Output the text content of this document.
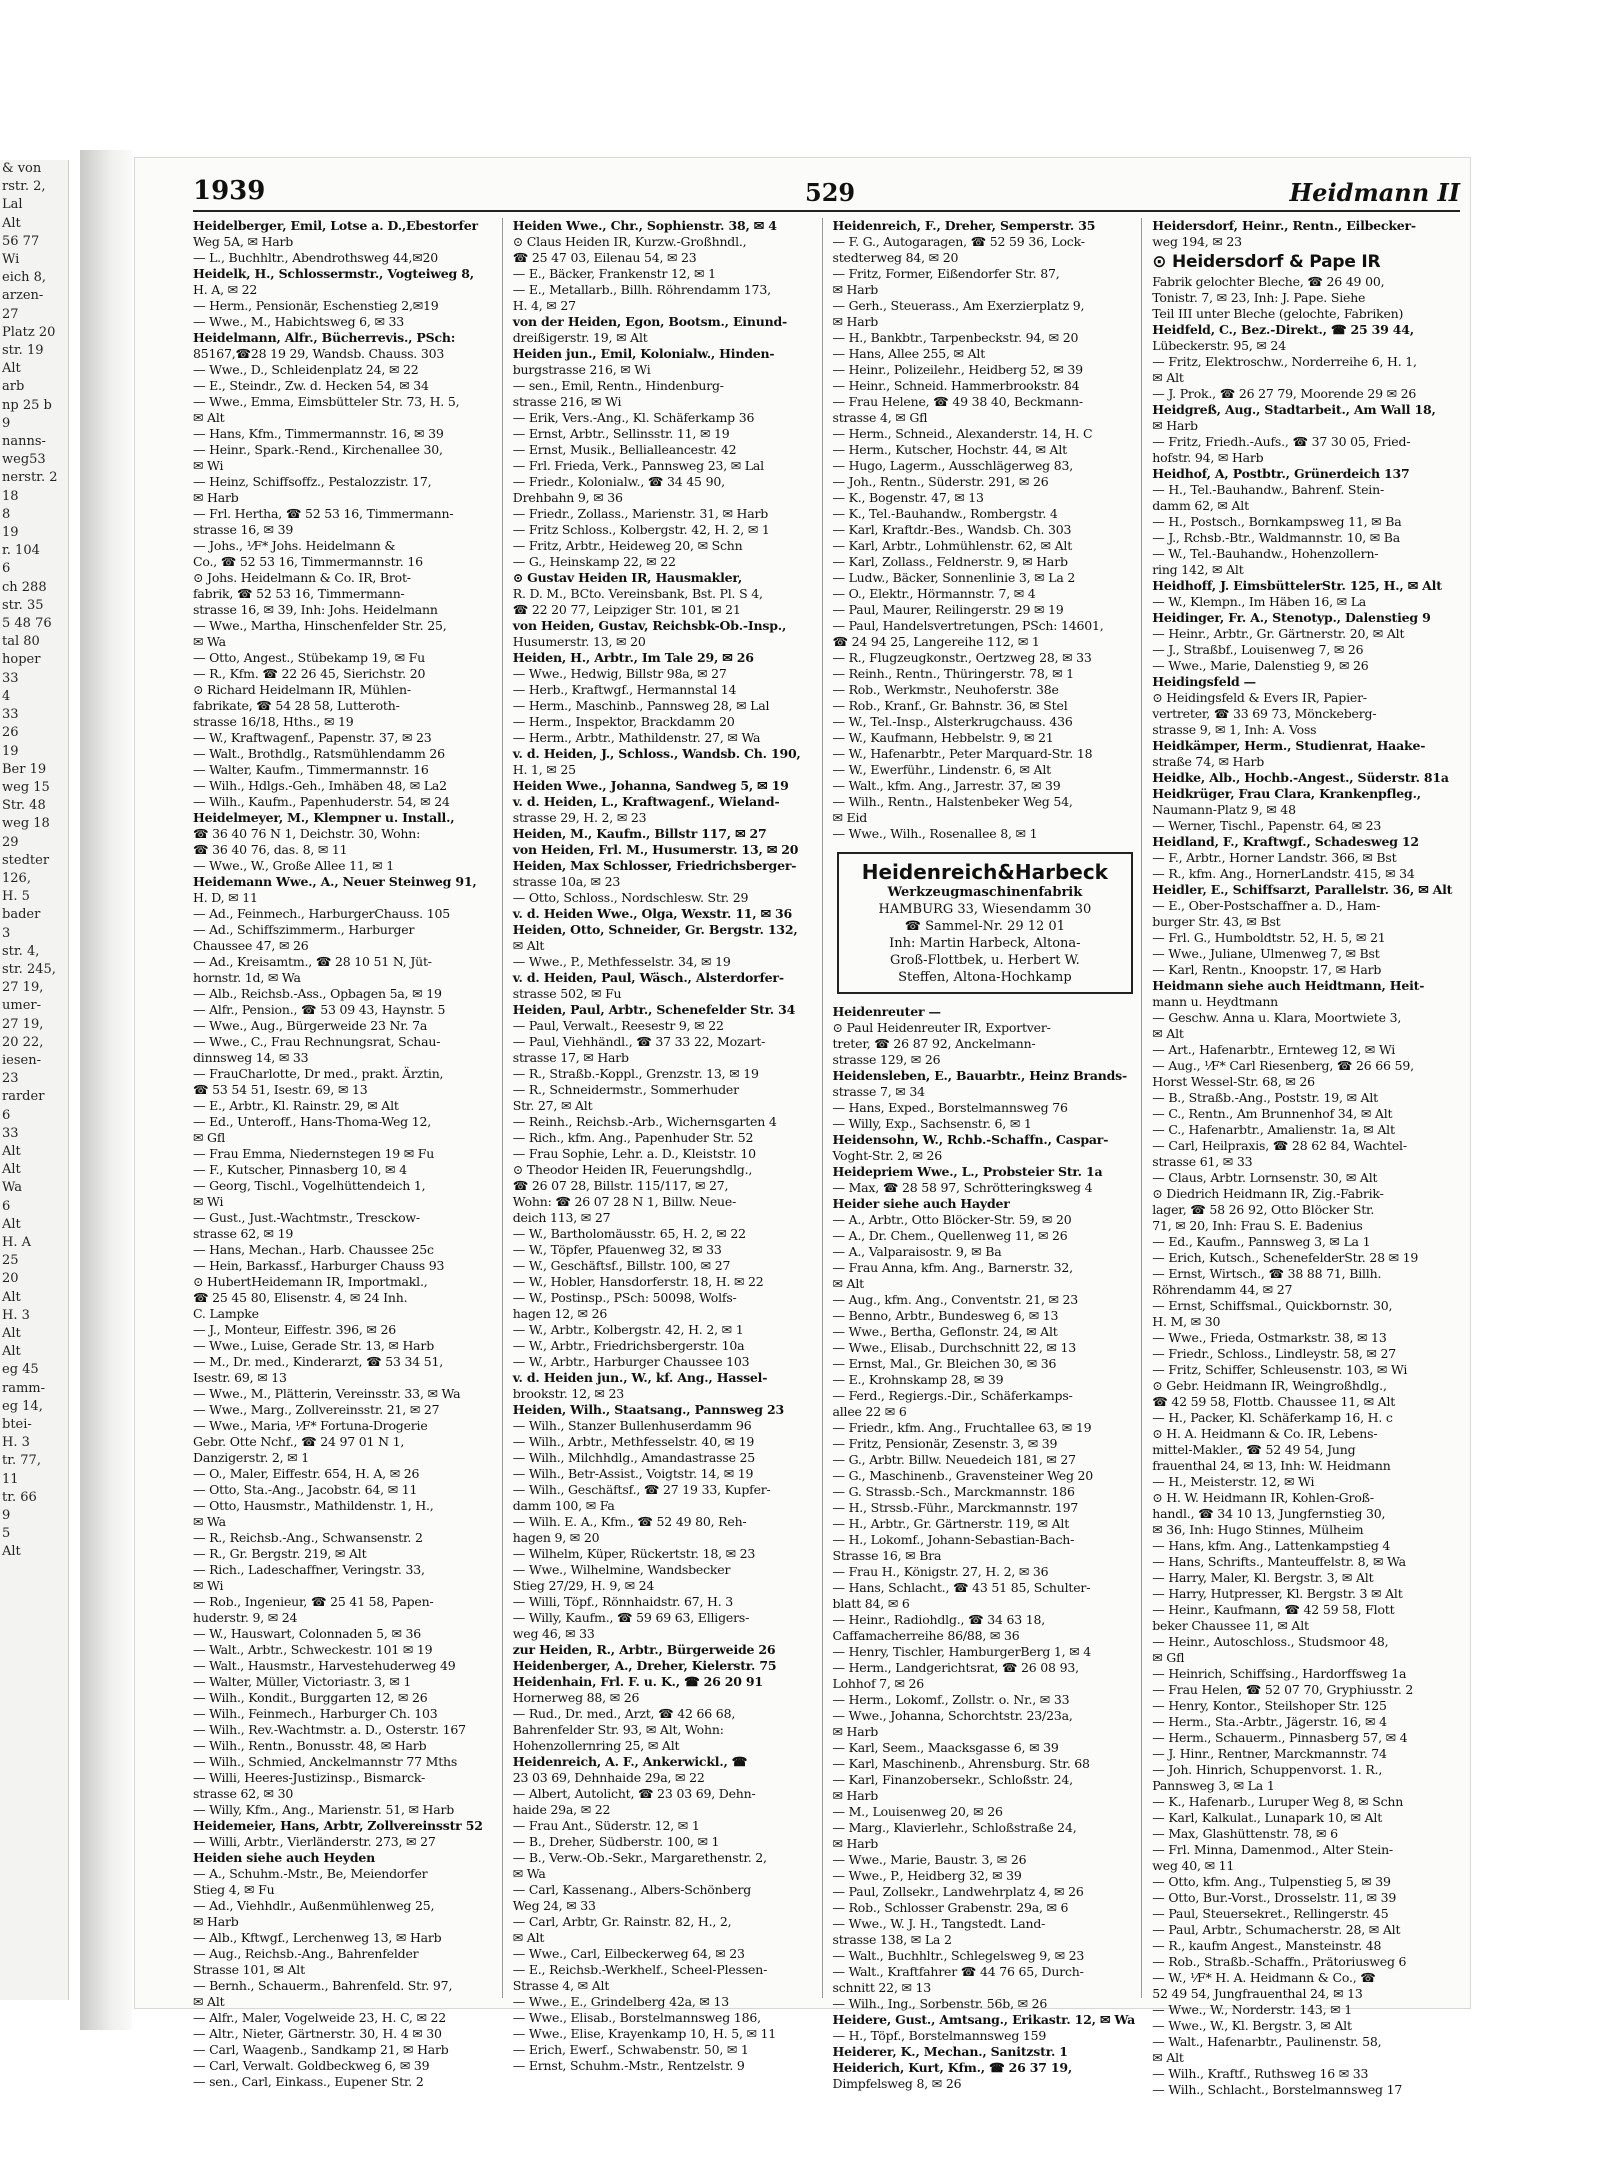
& von
rstr. 2,
Lal
Alt
56 77
Wi
eich 8,
arzen-
27
Platz 20
str. 19
Alt
arb
np 25 b
9
nanns-
weg53
nerstr. 2
18
8
19
r. 104
6
ch 288
str. 35
5 48 76
tal 80
hoper
33
4
33
26
19
Ber 19
weg 15
Str. 48
weg 18
29
stedter
126,
H. 5
bader
3
str. 4,
str. 245,
27 19,
umer-
27 19,
20 22,
iesen-
23
rarder
6
33
Alt
Alt
Wa
6
Alt
H. A
25
20
Alt
H. 3
Alt
Alt
eg 45
ramm-
eg 14,
btei-
H. 3
tr. 77,
11
tr. 66
9
5
Alt
1939	529	Heidmann II
Heidelberger, Emil, Lotse a. D.,Ebestorfer
Weg 5A, ✉ Harb
— L., Buchhltr., Abendrothsweg 44,✉20
Heidelk, H., Schlossermstr., Vogteiweg 8,
H. A, ✉ 22
— Herm., Pensionär, Eschenstieg 2,✉19
— Wwe., M., Habichtsweg 6, ✉ 33
Heidelmann, Alfr., Bücherrevis., PSch:
85167,☎28 19 29, Wandsb. Chauss. 303
— Wwe., D., Schleidenplatz 24, ✉ 22
— E., Steindr., Zw. d. Hecken 54, ✉ 34
— Wwe., Emma, Eimsbütteler Str. 73, H. 5,
✉ Alt
— Hans, Kfm., Timmermannstr. 16, ✉ 39
— Heinr., Spark.-Rend., Kirchenallee 30,
✉ Wi
— Heinz, Schiffsoffz., Pestalozzistr. 17,
✉ Harb
— Frl. Hertha, ☎ 52 53 16, Timmermann-
strasse 16, ✉ 39
— Johs., ⅟F* Johs. Heidelmann &
Co., ☎ 52 53 16, Timmermannstr. 16
⊙ Johs. Heidelmann & Co. IR, Brot-
fabrik, ☎ 52 53 16, Timmermann-
strasse 16, ✉ 39, Inh: Johs. Heidelmann
— Wwe., Martha, Hinschenfelder Str. 25,
✉ Wa
— Otto, Angest., Stübekamp 19, ✉ Fu
— R., Kfm. ☎ 22 26 45, Sierichstr. 20
⊙ Richard Heidelmann IR, Mühlen-
fabrikate, ☎ 54 28 58, Lutteroth-
strasse 16/18, Hths., ✉ 19
— W., Kraftwagenf., Papenstr. 37, ✉ 23
— Walt., Brothdlg., Ratsmühlendamm 26
— Walter, Kaufm., Timmermannstr. 16
— Wilh., Hdlgs.-Geh., Imhäben 48, ✉ La2
— Wilh., Kaufm., Papenhuderstr. 54, ✉ 24
Heidelmeyer, M., Klempner u. Install.,
☎ 36 40 76 N 1, Deichstr. 30, Wohn:
☎ 36 40 76, das. 8, ✉ 11
— Wwe., W., Große Allee 11, ✉ 1
Heidemann Wwe., A., Neuer Steinweg 91,
H. D, ✉ 11
— Ad., Feinmech., HarburgerChauss. 105
— Ad., Schiffszimmerm., Harburger
Chaussee 47, ✉ 26
— Ad., Kreisamtm., ☎ 28 10 51 N, Jüt-
hornstr. 1d, ✉ Wa
— Alb., Reichsb.-Ass., Opbagen 5a, ✉ 19
— Alfr., Pension., ☎ 53 09 43, Haynstr. 5
— Wwe., Aug., Bürgerweide 23 Nr. 7a
— Wwe., C., Frau Rechnungsrat, Schau-
dinnsweg 14, ✉ 33
— FrauCharlotte, Dr med., prakt. Ärztin,
☎ 53 54 51, Isestr. 69, ✉ 13
— E., Arbtr., Kl. Rainstr. 29, ✉ Alt
— Ed., Unteroff., Hans-Thoma-Weg 12,
✉ Gfl
— Frau Emma, Niedernstegen 19 ✉ Fu
— F., Kutscher, Pinnasberg 10, ✉ 4
— Georg, Tischl., Vogelhüttendeich 1,
✉ Wi
— Gust., Just.-Wachtmstr., Tresckow-
strasse 62, ✉ 19
— Hans, Mechan., Harb. Chaussee 25c
— Hein, Barkassf., Harburger Chauss 93
⊙ HubertHeidemann IR, Importmakl.,
☎ 25 45 80, Elisenstr. 4, ✉ 24 Inh.
C. Lampke
— J., Monteur, Eiffestr. 396, ✉ 26
— Wwe., Luise, Gerade Str. 13, ✉ Harb
— M., Dr. med., Kinderarzt, ☎ 53 34 51,
Isestr. 69, ✉ 13
— Wwe., M., Plätterin, Vereinsstr. 33, ✉ Wa
— Wwe., Marg., Zollvereinsstr. 21, ✉ 27
— Wwe., Maria, ⅟F* Fortuna-Drogerie
Gebr. Otte Nchf., ☎ 24 97 01 N 1,
Danzigerstr. 2, ✉ 1
— O., Maler, Eiffestr. 654, H. A, ✉ 26
— Otto, Sta.-Ang., Jacobstr. 64, ✉ 11
— Otto, Hausmstr., Mathildenstr. 1, H.,
✉ Wa
— R., Reichsb.-Ang., Schwansenstr. 2
— R., Gr. Bergstr. 219, ✉ Alt
— Rich., Ladeschaffner, Veringstr. 33,
✉ Wi
— Rob., Ingenieur, ☎ 25 41 58, Papen-
huderstr. 9, ✉ 24
— W., Hauswart, Colonnaden 5, ✉ 36
— Walt., Arbtr., Schweckestr. 101 ✉ 19
— Walt., Hausmstr., Harvestehuderweg 49
— Walter, Müller, Victoriastr. 3, ✉ 1
— Wilh., Kondit., Burggarten 12, ✉ 26
— Wilh., Feinmech., Harburger Ch. 103
— Wilh., Rev.-Wachtmstr. a. D., Osterstr. 167
— Wilh., Rentn., Bonusstr. 48, ✉ Harb
— Wilh., Schmied, Anckelmannstr 77 Mths
— Willi, Heeres-Justizinsp., Bismarck-
strasse 62, ✉ 30
— Willy, Kfm., Ang., Marienstr. 51, ✉ Harb
Heidemeier, Hans, Arbtr, Zollvereinsstr 52
— Willi, Arbtr., Vierländerstr. 273, ✉ 27
Heiden siehe auch Heyden
— A., Schuhm.-Mstr., Be, Meiendorfer
Stieg 4, ✉ Fu
— Ad., Viehhdlr., Außenmühlenweg 25,
✉ Harb
— Alb., Kftwgf., Lerchenweg 13, ✉ Harb
— Aug., Reichsb.-Ang., Bahrenfelder
Strasse 101, ✉ Alt
— Bernh., Schauerm., Bahrenfeld. Str. 97,
✉ Alt
— Alfr., Maler, Vogelweide 23, H. C, ✉ 22
— Altr., Nieter, Gärtnerstr. 30, H. 4 ✉ 30
— Carl, Waagenb., Sandkamp 21, ✉ Harb
— Carl, Verwalt. Goldbeckweg 6, ✉ 39
— sen., Carl, Einkass., Eupener Str. 2
Heiden Wwe., Chr., Sophienstr. 38, ✉ 4
⊙ Claus Heiden IR, Kurzw.-Großhndl.,
☎ 25 47 03, Eilenau 54, ✉ 23
— E., Bäcker, Frankenstr 12, ✉ 1
— E., Metallarb., Billh. Röhrendamm 173,
H. 4, ✉ 27
von der Heiden, Egon, Bootsm., Einund-
dreißigerstr. 19, ✉ Alt
Heiden jun., Emil, Kolonialw., Hinden-
burgstrasse 216, ✉ Wi
— sen., Emil, Rentn., Hindenburg-
strasse 216, ✉ Wi
— Erik, Vers.-Ang., Kl. Schäferkamp 36
— Ernst, Arbtr., Sellinsstr. 11, ✉ 19
— Ernst, Musik., Bellialleancestr. 42
— Frl. Frieda, Verk., Pannsweg 23, ✉ Lal
— Friedr., Kolonialw., ☎ 34 45 90,
Drehbahn 9, ✉ 36
— Friedr., Zollass., Marienstr. 31, ✉ Harb
— Fritz Schloss., Kolbergstr. 42, H. 2, ✉ 1
— Fritz, Arbtr., Heideweg 20, ✉ Schn
— G., Heinskamp 22, ✉ 22
⊙ Gustav Heiden IR, Hausmakler,
R. D. M., BCto. Vereinsbank, Bst. Pl. S 4,
☎ 22 20 77, Leipziger Str. 101, ✉ 21
von Heiden, Gustav, Reichsbk-Ob.-Insp.,
Husumerstr. 13, ✉ 20
Heiden, H., Arbtr., Im Tale 29, ✉ 26
— Wwe., Hedwig, Billstr 98a, ✉ 27
— Herb., Kraftwgf., Hermannstal 14
— Herm., Maschinb., Pannsweg 28, ✉ Lal
— Herm., Inspektor, Brackdamm 20
— Herm., Arbtr., Mathildenstr. 27, ✉ Wa
v. d. Heiden, J., Schloss., Wandsb. Ch. 190,
H. 1, ✉ 25
Heiden Wwe., Johanna, Sandweg 5, ✉ 19
v. d. Heiden, L., Kraftwagenf., Wieland-
strasse 29, H. 2, ✉ 23
Heiden, M., Kaufm., Billstr 117, ✉ 27
von Heiden, Frl. M., Husumerstr. 13, ✉ 20
Heiden, Max Schlosser, Friedrichsberger-
strasse 10a, ✉ 23
— Otto, Schloss., Nordschlesw. Str. 29
v. d. Heiden Wwe., Olga, Wexstr. 11, ✉ 36
Heiden, Otto, Schneider, Gr. Bergstr. 132,
✉ Alt
— Wwe., P., Methfesselstr. 34, ✉ 19
v. d. Heiden, Paul, Wäsch., Alsterdorfer-
strasse 502, ✉ Fu
Heiden, Paul, Arbtr., Schenefelder Str. 34
— Paul, Verwalt., Reesestr 9, ✉ 22
— Paul, Viehhändl., ☎ 37 33 22, Mozart-
strasse 17, ✉ Harb
— R., Straßb.-Koppl., Grenzstr. 13, ✉ 19
— R., Schneidermstr., Sommerhuder
Str. 27, ✉ Alt
— Reinh., Reichsb.-Arb., Wichernsgarten 4
— Rich., kfm. Ang., Papenhuder Str. 52
— Frau Sophie, Lehr. a. D., Kleiststr. 10
⊙ Theodor Heiden IR, Feuerungshdlg.,
☎ 26 07 28, Billstr. 115/117, ✉ 27,
Wohn: ☎ 26 07 28 N 1, Billw. Neue-
deich 113, ✉ 27
— W., Bartholomäusstr. 65, H. 2, ✉ 22
— W., Töpfer, Pfauenweg 32, ✉ 33
— W., Geschäftsf., Billstr. 100, ✉ 27
— W., Hobler, Hansdorferstr. 18, H. ✉ 22
— W., Postinsp., PSch: 50098, Wolfs-
hagen 12, ✉ 26
— W., Arbtr., Kolbergstr. 42, H. 2, ✉ 1
— W., Arbtr., Friedrichsbergerstr. 10a
— W., Arbtr., Harburger Chaussee 103
v. d. Heiden jun., W., kf. Ang., Hassel-
brookstr. 12, ✉ 23
Heiden, Wilh., Staatsang., Pannsweg 23
— Wilh., Stanzer Bullenhuserdamm 96
— Wilh., Arbtr., Methfesselstr. 40, ✉ 19
— Wilh., Milchhdlg., Amandastrasse 25
— Wilh., Betr-Assist., Voigtstr. 14, ✉ 19
— Wilh., Geschäftsf., ☎ 27 19 33, Kupfer-
damm 100, ✉ Fa
— Wilh. E. A., Kfm., ☎ 52 49 80, Reh-
hagen 9, ✉ 20
— Wilhelm, Küper, Rückertstr. 18, ✉ 23
— Wwe., Wilhelmine, Wandsbecker
Stieg 27/29, H. 9, ✉ 24
— Willi, Töpf., Rönnhaidstr. 67, H. 3
— Willy, Kaufm., ☎ 59 69 63, Elligers-
weg 46, ✉ 33
zur Heiden, R., Arbtr., Bürgerweide 26
Heidenberger, A., Dreher, Kielerstr. 75
Heidenhain, Frl. F. u. K., ☎ 26 20 91
Hornerweg 88, ✉ 26
— Rud., Dr. med., Arzt, ☎ 42 66 68,
Bahrenfelder Str. 93, ✉ Alt, Wohn:
Hohenzollernring 25, ✉ Alt
Heidenreich, A. F., Ankerwickl., ☎
23 03 69, Dehnhaide 29a, ✉ 22
— Albert, Autolicht, ☎ 23 03 69, Dehn-
haide 29a, ✉ 22
— Frau Ant., Süderstr. 12, ✉ 1
— B., Dreher, Südberstr. 100, ✉ 1
— B., Verw.-Ob.-Sekr., Margarethenstr. 2,
✉ Wa
— Carl, Kassenang., Albers-Schönberg
Weg 24, ✉ 33
— Carl, Arbtr, Gr. Rainstr. 82, H., 2,
✉ Alt
— Wwe., Carl, Eilbeckerweg 64, ✉ 23
— E., Reichsb.-Werkhelf., Scheel-Plessen-
Strasse 4, ✉ Alt
— Wwe., E., Grindelberg 42a, ✉ 13
— Wwe., Elisab., Borstelmannsweg 186,
— Wwe., Elise, Krayenkamp 10, H. 5, ✉ 11
— Erich, Ewerf., Schwabenstr. 50, ✉ 1
— Ernst, Schuhm.-Mstr., Rentzelstr. 9
Heidenreich, F., Dreher, Semperstr. 35
— F. G., Autogaragen, ☎ 52 59 36, Lock-
stedterweg 84, ✉ 20
— Fritz, Former, Eißendorfer Str. 87,
✉ Harb
— Gerh., Steuerass., Am Exerzierplatz 9,
✉ Harb
— H., Bankbtr., Tarpenbeckstr. 94, ✉ 20
— Hans, Allee 255, ✉ Alt
— Heinr., Polizeilehr., Heidberg 52, ✉ 39
— Heinr., Schneid. Hammerbrookstr. 84
— Frau Helene, ☎ 49 38 40, Beckmann-
strasse 4, ✉ Gfl
— Herm., Schneid., Alexanderstr. 14, H. C
— Herm., Kutscher, Hochstr. 44, ✉ Alt
— Hugo, Lagerm., Ausschlägerweg 83,
— Joh., Rentn., Süderstr. 291, ✉ 26
— K., Bogenstr. 47, ✉ 13
— K., Tel.-Bauhandw., Rombergstr. 4
— Karl, Kraftdr.-Bes., Wandsb. Ch. 303
— Karl, Arbtr., Lohmühlenstr. 62, ✉ Alt
— Karl, Zollass., Feldnerstr. 9, ✉ Harb
— Ludw., Bäcker, Sonnenlinie 3, ✉ La 2
— O., Elektr., Hörmannstr. 7, ✉ 4
— Paul, Maurer, Reilingerstr. 29 ✉ 19
— Paul, Handelsvertretungen, PSch: 14601,
☎ 24 94 25, Langereihe 112, ✉ 1
— R., Flugzeugkonstr., Oertzweg 28, ✉ 33
— Reinh., Rentn., Thüringerstr. 78, ✉ 1
— Rob., Werkmstr., Neuhoferstr. 38e
— Rob., Kranf., Gr. Bahnstr. 36, ✉ Stel
— W., Tel.-Insp., Alsterkrugchauss. 436
— W., Kaufmann, Hebbelstr. 9, ✉ 21
— W., Hafenarbtr., Peter Marquard-Str. 18
— W., Ewerführ., Lindenstr. 6, ✉ Alt
— Walt., kfm. Ang., Jarrestr. 37, ✉ 39
— Wilh., Rentn., Halstenbeker Weg 54,
✉ Eid
— Wwe., Wilh., Rosenallee 8, ✉ 1
Heidenreich&Harbeck
Werkzeugmaschinenfabrik
HAMBURG 33, Wiesendamm 30
☎ Sammel-Nr. 29 12 01
Inh: Martin Harbeck, Altona-
Groß-Flottbek, u. Herbert W.
Steffen, Altona-Hochkamp
Heidenreuter —
⊙ Paul Heidenreuter IR, Exportver-
treter, ☎ 26 87 92, Anckelmann-
strasse 129, ✉ 26
Heidensleben, E., Bauarbtr., Heinz Brands-
strasse 7, ✉ 34
— Hans, Exped., Borstelmannsweg 76
— Willy, Exp., Sachsenstr. 6, ✉ 1
Heidensohn, W., Rchb.-Schaffn., Caspar-
Voght-Str. 2, ✉ 26
Heidepriem Wwe., L., Probsteier Str. 1a
— Max, ☎ 28 58 97, Schrötteringksweg 4
Heider siehe auch Hayder
— A., Arbtr., Otto Blöcker-Str. 59, ✉ 20
— A., Dr. Chem., Quellenweg 11, ✉ 26
— A., Valparaisostr. 9, ✉ Ba
— Frau Anna, kfm. Ang., Barnerstr. 32,
✉ Alt
— Aug., kfm. Ang., Conventstr. 21, ✉ 23
— Benno, Arbtr., Bundesweg 6, ✉ 13
— Wwe., Bertha, Geflonstr. 24, ✉ Alt
— Wwe., Elisab., Durchschnitt 22, ✉ 13
— Ernst, Mal., Gr. Bleichen 30, ✉ 36
— E., Krohnskamp 28, ✉ 39
— Ferd., Regiergs.-Dir., Schäferkamps-
allee 22 ✉ 6
— Friedr., kfm. Ang., Fruchtallee 63, ✉ 19
— Fritz, Pensionär, Zesenstr. 3, ✉ 39
— G., Arbtr. Billw. Neuedeich 181, ✉ 27
— G., Maschinenb., Gravensteiner Weg 20
— G. Strassb.-Sch., Marckmannstr. 186
— H., Strssb.-Führ., Marckmannstr. 197
— H., Arbtr., Gr. Gärtnerstr. 119, ✉ Alt
— H., Lokomf., Johann-Sebastian-Bach-
Strasse 16, ✉ Bra
— Frau H., Königstr. 27, H. 2, ✉ 36
— Hans, Schlacht., ☎ 43 51 85, Schulter-
blatt 84, ✉ 6
— Heinr., Radiohdlg., ☎ 34 63 18,
Caffamacherreihe 86/88, ✉ 36
— Henry, Tischler, HamburgerBerg 1, ✉ 4
— Herm., Landgerichtsrat, ☎ 26 08 93,
Lohhof 7, ✉ 26
— Herm., Lokomf., Zollstr. o. Nr., ✉ 33
— Wwe., Johanna, Schorchtstr. 23/23a,
✉ Harb
— Karl, Seem., Maacksgasse 6, ✉ 39
— Karl, Maschinenb., Ahrensburg. Str. 68
— Karl, Finanzobersekr., Schloßstr. 24,
✉ Harb
— M., Louisenweg 20, ✉ 26
— Marg., Klavierlehr., Schloßstraße 24,
✉ Harb
— Wwe., Marie, Baustr. 3, ✉ 26
— Wwe., P., Heidberg 32, ✉ 39
— Paul, Zollsekr., Landwehrplatz 4, ✉ 26
— Rob., Schlosser Grabenstr. 29a, ✉ 6
— Wwe., W. J. H., Tangstedt. Land-
strasse 138, ✉ La 2
— Walt., Buchhltr., Schlegelsweg 9, ✉ 23
— Walt., Kraftfahrer ☎ 44 76 65, Durch-
schnitt 22, ✉ 13
— Wilh., Ing., Sorbenstr. 56b, ✉ 26
Heidere, Gust., Amtsang., Erikastr. 12, ✉ Wa
— H., Töpf., Borstelmannsweg 159
Heiderer, K., Mechan., Sanitzstr. 1
Heiderich, Kurt, Kfm., ☎ 26 37 19,
Dimpfelsweg 8, ✉ 26
Heidersdorf, Heinr., Rentn., Eilbecker-
weg 194, ✉ 23
⊙ Heidersdorf & Pape IR
Fabrik gelochter Bleche, ☎ 26 49 00,
Tonistr. 7, ✉ 23, Inh: J. Pape. Siehe
Teil III unter Bleche (gelochte, Fabriken)
Heidfeld, C., Bez.-Direkt., ☎ 25 39 44,
Lübeckerstr. 95, ✉ 24
— Fritz, Elektroschw., Norderreihe 6, H. 1,
✉ Alt
— J. Prok., ☎ 26 27 79, Moorende 29 ✉ 26
Heidgreß, Aug., Stadtarbeit., Am Wall 18,
✉ Harb
— Fritz, Friedh.-Aufs., ☎ 37 30 05, Fried-
hofstr. 94, ✉ Harb
Heidhof, A, Postbtr., Grünerdeich 137
— H., Tel.-Bauhandw., Bahrenf. Stein-
damm 62, ✉ Alt
— H., Postsch., Bornkampsweg 11, ✉ Ba
— J., Rchsb.-Btr., Waldmannstr. 10, ✉ Ba
— W., Tel.-Bauhandw., Hohenzollern-
ring 142, ✉ Alt
Heidhoff, J. EimsbüttelerStr. 125, H., ✉ Alt
— W., Klempn., Im Häben 16, ✉ La
Heidinger, Fr. A., Stenotyp., Dalenstieg 9
— Heinr., Arbtr., Gr. Gärtnerstr. 20, ✉ Alt
— J., Straßbf., Louisenweg 7, ✉ 26
— Wwe., Marie, Dalenstieg 9, ✉ 26
Heidingsfeld —
⊙ Heidingsfeld & Evers IR, Papier-
vertreter, ☎ 33 69 73, Mönckeberg-
strasse 9, ✉ 1, Inh: A. Voss
Heidkämper, Herm., Studienrat, Haake-
straße 74, ✉ Harb
Heidke, Alb., Hochb.-Angest., Süderstr. 81a
Heidkrüger, Frau Clara, Krankenpfleg.,
Naumann-Platz 9, ✉ 48
— Werner, Tischl., Papenstr. 64, ✉ 23
Heidland, F., Kraftwgf., Schadesweg 12
— F., Arbtr., Horner Landstr. 366, ✉ Bst
— R., kfm. Ang., HornerLandstr. 415, ✉ 34
Heidler, E., Schiffsarzt, Parallelstr. 36, ✉ Alt
— E., Ober-Postschaffner a. D., Ham-
burger Str. 43, ✉ Bst
— Frl. G., Humboldtstr. 52, H. 5, ✉ 21
— Wwe., Juliane, Ulmenweg 7, ✉ Bst
— Karl, Rentn., Knoopstr. 17, ✉ Harb
Heidmann siehe auch Heidtmann, Heit-
mann u. Heydtmann
— Geschw. Anna u. Klara, Moortwiete 3,
✉ Alt
— Art., Hafenarbtr., Ernteweg 12, ✉ Wi
— Aug., ⅟F* Carl Riesenberg, ☎ 26 66 59,
Horst Wessel-Str. 68, ✉ 26
— B., Straßb.-Ang., Poststr. 19, ✉ Alt
— C., Rentn., Am Brunnenhof 34, ✉ Alt
— C., Hafenarbtr., Amalienstr. 1a, ✉ Alt
— Carl, Heilpraxis, ☎ 28 62 84, Wachtel-
strasse 61, ✉ 33
— Claus, Arbtr. Lornsenstr. 30, ✉ Alt
⊙ Diedrich Heidmann IR, Zig.-Fabrik-
lager, ☎ 58 26 92, Otto Blöcker Str.
71, ✉ 20, Inh: Frau S. E. Badenius
— Ed., Kaufm., Pannsweg 3, ✉ La 1
— Erich, Kutsch., SchenefelderStr. 28 ✉ 19
— Ernst, Wirtsch., ☎ 38 88 71, Billh.
Röhrendamm 44, ✉ 27
— Ernst, Schiffsmal., Quickbornstr. 30,
H. M, ✉ 30
— Wwe., Frieda, Ostmarkstr. 38, ✉ 13
— Friedr., Schloss., Lindleystr. 58, ✉ 27
— Fritz, Schiffer, Schleusenstr. 103, ✉ Wi
⊙ Gebr. Heidmann IR, Weingroßhdlg.,
☎ 42 59 58, Flottb. Chaussee 11, ✉ Alt
— H., Packer, Kl. Schäferkamp 16, H. c
⊙ H. A. Heidmann & Co. IR, Lebens-
mittel-Makler., ☎ 52 49 54, Jung
frauenthal 24, ✉ 13, Inh: W. Heidmann
— H., Meisterstr. 12, ✉ Wi
⊙ H. W. Heidmann IR, Kohlen-Groß-
handl., ☎ 34 10 13, Jungfernstieg 30,
✉ 36, Inh: Hugo Stinnes, Mülheim
— Hans, kfm. Ang., Lattenkampstieg 4
— Hans, Schrifts., Manteuffelstr. 8, ✉ Wa
— Harry, Maler, Kl. Bergstr. 3, ✉ Alt
— Harry, Hutpresser, Kl. Bergstr. 3 ✉ Alt
— Heinr., Kaufmann, ☎ 42 59 58, Flott
beker Chaussee 11, ✉ Alt
— Heinr., Autoschloss., Studsmoor 48,
✉ Gfl
— Heinrich, Schiffsing., Hardorffsweg 1a
— Frau Helen, ☎ 52 07 70, Gryphiusstr. 2
— Henry, Kontor., Steilshoper Str. 125
— Herm., Sta.-Arbtr., Jägerstr. 16, ✉ 4
— Herm., Schauerm., Pinnasberg 57, ✉ 4
— J. Hinr., Rentner, Marckmannstr. 74
— Joh. Hinrich, Schuppenvorst. 1. R.,
Pannsweg 3, ✉ La 1
— K., Hafenarb., Luruper Weg 8, ✉ Schn
— Karl, Kalkulat., Lunapark 10, ✉ Alt
— Max, Glashüttenstr. 78, ✉ 6
— Frl. Minna, Damenmod., Alter Stein-
weg 40, ✉ 11
— Otto, kfm. Ang., Tulpenstieg 5, ✉ 39
— Otto, Bur.-Vorst., Drosselstr. 11, ✉ 39
— Paul, Steuersekret., Rellingerstr. 45
— Paul, Arbtr., Schumacherstr. 28, ✉ Alt
— R., kaufm Angest., Mansteinstr. 48
— Rob., Straßb.-Schaffn., Prätoriusweg 6
— W., ⅟F* H. A. Heidmann & Co., ☎
52 49 54, Jungfrauenthal 24, ✉ 13
— Wwe., W., Norderstr. 143, ✉ 1
— Wwe., W., Kl. Bergstr. 3, ✉ Alt
— Walt., Hafenarbtr., Paulinenstr. 58,
✉ Alt
— Wilh., Kraftf., Ruthsweg 16 ✉ 33
— Wilh., Schlacht., Borstelmannsweg 17
